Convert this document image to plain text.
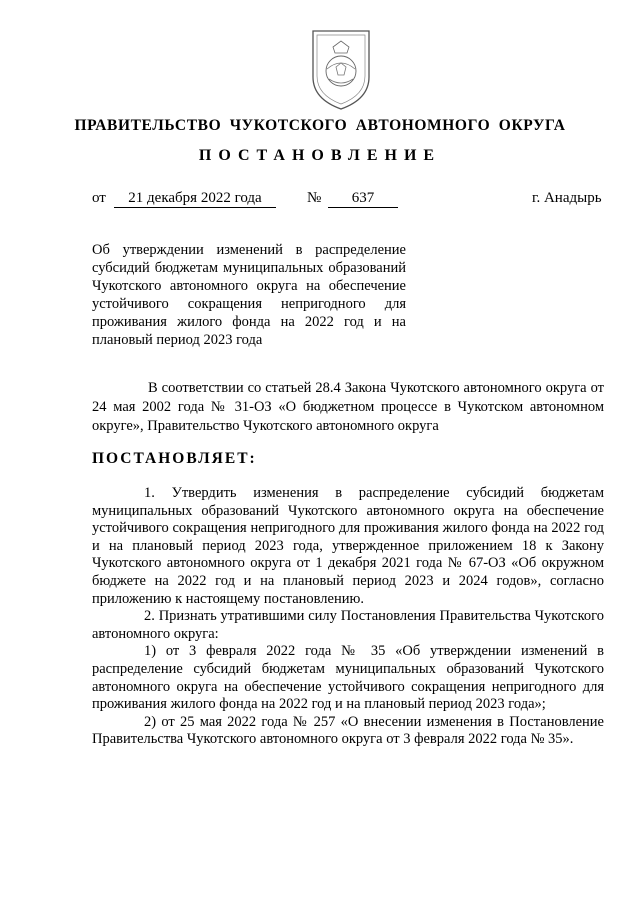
ПРАВИТЕЛЬСТВО ЧУКОТСКОГО АВТОНОМНОГО ОКРУГА
ПОСТАНОВЛЕНИЕ
от	21 декабря 2022 года	№	637	г. Анадырь
Об утверждении изменений в распределение субсидий бюджетам муниципальных образований Чукотского автономного округа на обеспечение устойчивого сокращения непригодного для проживания жилого фонда на 2022 год и на плановый период 2023 года

В соответствии со статьей 28.4 Закона Чукотского автономного округа от 24 мая 2002 года № 31-ОЗ «О бюджетном процессе в Чукотском автономном округе», Правительство Чукотского автономного округа

ПОСТАНОВЛЯЕТ:

1. Утвердить изменения в распределение субсидий бюджетам муниципальных образований Чукотского автономного округа на обеспечение устойчивого сокращения непригодного для проживания жилого фонда на 2022 год и на плановый период 2023 года, утвержденное приложением 18 к Закону Чукотского автономного округа от 1 декабря 2021 года № 67-ОЗ «Об окружном бюджете на 2022 год и на плановый период 2023 и 2024 годов», согласно приложению к настоящему постановлению.

2. Признать утратившими силу Постановления Правительства Чукотского автономного округа:

1) от 3 февраля 2022 года № 35 «Об утверждении изменений в распределение субсидий бюджетам муниципальных образований Чукотского автономного округа на обеспечение устойчивого сокращения непригодного для проживания жилого фонда на 2022 год и на плановый период 2023 года»;

2) от 25 мая 2022 года № 257 «О внесении изменения в Постановление Правительства Чукотского автономного округа от 3 февраля 2022 года № 35».
